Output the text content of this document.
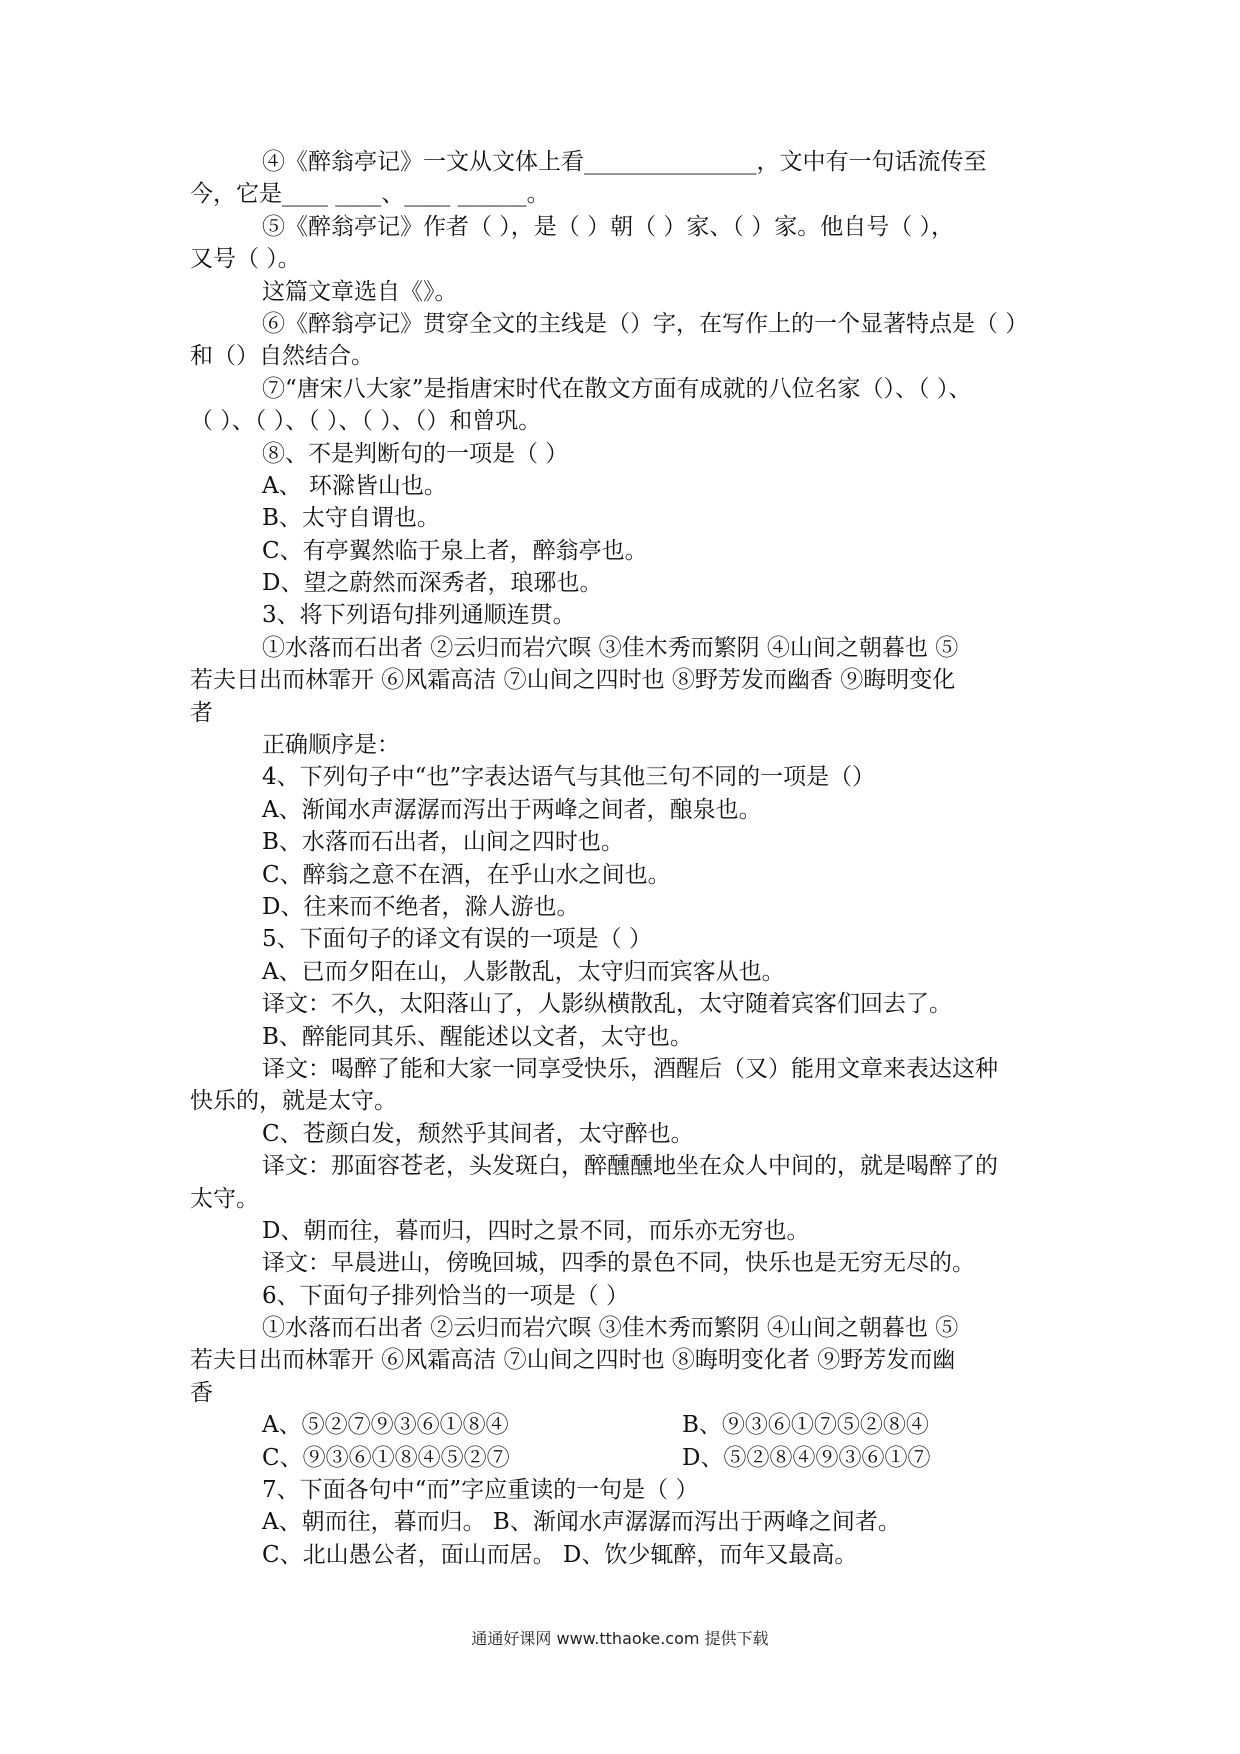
④《醉翁亭记》一文从文体上看_______________，文中有一句话流传至
今，它是____ ____、____ ______。
⑤《醉翁亭记》作者（ ），是（ ）朝（ ）家、（ ）家。他自号（ ），
又号（ ）。
这篇文章选自《》。
⑥《醉翁亭记》贯穿全文的主线是（）字，在写作上的一个显著特点是（ ）
和（）自然结合。
⑦“唐宋八大家”是指唐宋时代在散文方面有成就的八位名家（）、（ ）、
（ ）、（ ）、（ ）、（ ）、（）和曾巩。
⑧、不是判断句的一项是（ ）
A、 环滁皆山也。
B、太守自谓也。
C、有亭翼然临于泉上者，醉翁亭也。
D、望之蔚然而深秀者，琅琊也。
3、将下列语句排列通顺连贯。
①水落而石出者 ②云归而岩穴暝 ③佳木秀而繁阴 ④山间之朝暮也 ⑤
若夫日出而林霏开 ⑥风霜高洁 ⑦山间之四时也 ⑧野芳发而幽香 ⑨晦明变化
者
正确顺序是：
4、下列句子中“也”字表达语气与其他三句不同的一项是（）
A、渐闻水声潺潺而泻出于两峰之间者，酿泉也。
B、水落而石出者，山间之四时也。
C、醉翁之意不在酒，在乎山水之间也。
D、往来而不绝者，滁人游也。
5、下面句子的译文有误的一项是（ ）
A、已而夕阳在山，人影散乱，太守归而宾客从也。
译文：不久，太阳落山了，人影纵横散乱，太守随着宾客们回去了。
B、醉能同其乐、醒能述以文者，太守也。
译文：喝醉了能和大家一同享受快乐，酒醒后（又）能用文章来表达这种
快乐的，就是太守。
C、苍颜白发，颓然乎其间者，太守醉也。
译文：那面容苍老，头发斑白，醉醺醺地坐在众人中间的，就是喝醉了的
太守。
D、朝而往，暮而归，四时之景不同，而乐亦无穷也。
译文：早晨进山，傍晚回城，四季的景色不同，快乐也是无穷无尽的。
6、下面句子排列恰当的一项是（ ）
①水落而石出者 ②云归而岩穴暝 ③佳木秀而繁阴 ④山间之朝暮也 ⑤
若夫日出而林霏开 ⑥风霜高洁 ⑦山间之四时也 ⑧晦明变化者 ⑨野芳发而幽
香
A、⑤②⑦⑨③⑥①⑧④	B、⑨③⑥①⑦⑤②⑧④
C、⑨③⑥①⑧④⑤②⑦	D、⑤②⑧④⑨③⑥①⑦
7、下面各句中“而”字应重读的一句是（ ）
A、朝而往，暮而归。 B、渐闻水声潺潺而泻出于两峰之间者。
C、北山愚公者，面山而居。 D、饮少辄醉，而年又最高。
通通好课网 www.tthaoke.com 提供下载
